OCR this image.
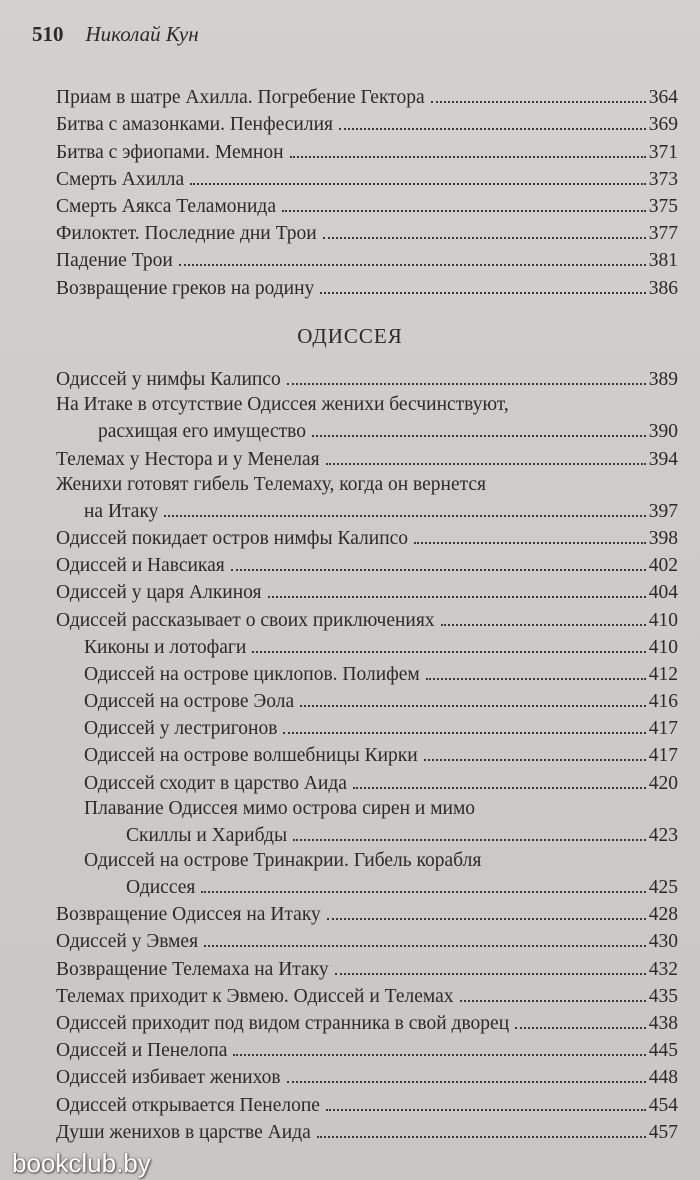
510 Николай Кун
Приам в шатре Ахилла. Погребение Гектора	364
Битва с амазонками. Пенфесилия	369
Битва с эфиопами. Мемнон	371
Смерть Ахилла	373
Смерть Аякса Теламонида	375
Филоктет. Последние дни Трои	377
Падение Трои	381
Возвращение греков на родину	386
ОДИССЕЯ
Одиссей у нимфы Калипсо	389
На Итаке в отсутствие Одиссея женихи бесчинствуют,
расхищая его имущество	390
Телемах у Нестора и у Менелая	394
Женихи готовят гибель Телемаху, когда он вернется
на Итаку	397
Одиссей покидает остров нимфы Калипсо	398
Одиссей и Навсикая	402
Одиссей у царя Алкиноя	404
Одиссей рассказывает о своих приключениях	410
Киконы и лотофаги	410
Одиссей на острове циклопов. Полифем	412
Одиссей на острове Эола	416
Одиссей у лестригонов	417
Одиссей на острове волшебницы Кирки	417
Одиссей сходит в царство Аида	420
Плавание Одиссея мимо острова сирен и мимо
Скиллы и Харибды	423
Одиссей на острове Тринакрии. Гибель корабля
Одиссея	425
Возвращение Одиссея на Итаку	428
Одиссей у Эвмея	430
Возвращение Телемаха на Итаку	432
Телемах приходит к Эвмею. Одиссей и Телемах	435
Одиссей приходит под видом странника в свой дворец	438
Одиссей и Пенелопа	445
Одиссей избивает женихов	448
Одиссей открывается Пенелопе	454
Души женихов в царстве Аида	457
bookclub.by
